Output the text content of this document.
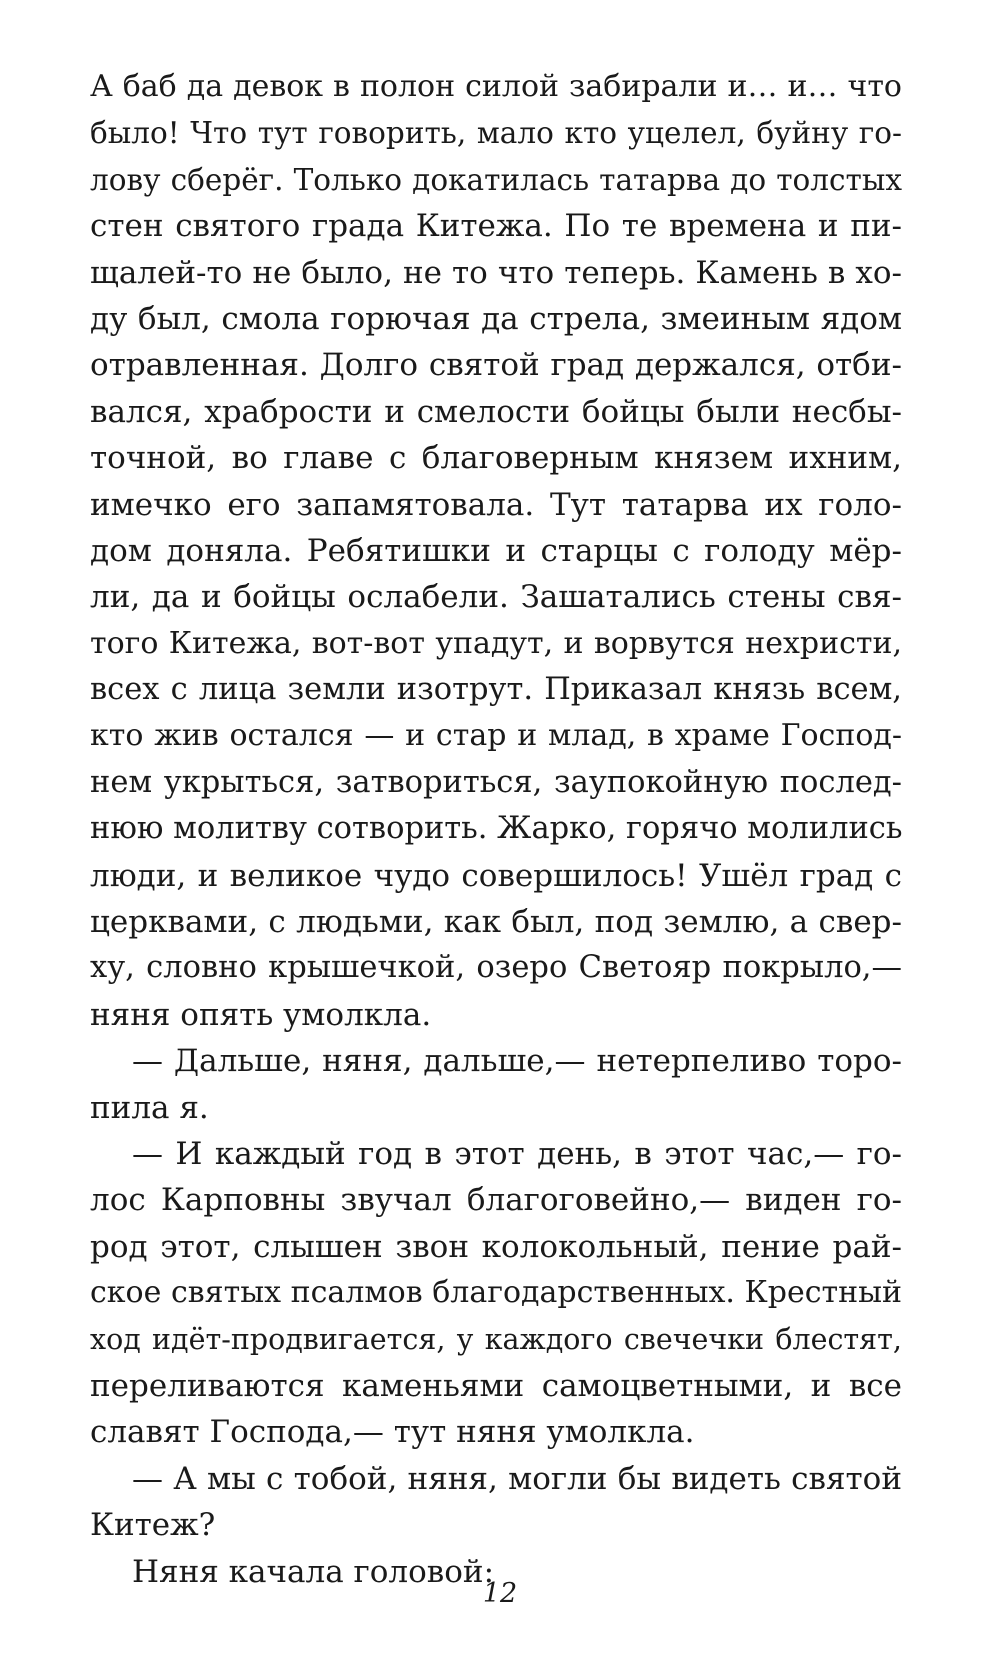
А баб да девок в полон силой забирали и… и… что
было! Что тут говорить, мало кто уцелел, буйну го-
лову сберёг. Только докатилась татарва до толстых
стен святого града Китежа. По те времена и пи-
щалей-то не было, не то что теперь. Камень в хо-
ду был, смола горючая да стрела, змеиным ядом
отравленная. Долго святой град держался, отби-
вался, храбрости и смелости бойцы были несбы-
точной, во главе с благоверным князем ихним,
имечко его запамятовала. Тут татарва их голо-
дом доняла. Ребятишки и старцы с голоду мёр-
ли, да и бойцы ослабели. Зашатались стены свя-
того Китежа, вот-вот упадут, и ворвутся нехристи,
всех с лица земли изотрут. Приказал князь всем,
кто жив остался — и стар и млад, в храме Господ-
нем укрыться, затвориться, заупокойную послед-
нюю молитву сотворить. Жарко, горячо молились
люди, и великое чудо совершилось! Ушёл град с
церквами, с людьми, как был, под землю, а свер-
ху, словно крышечкой, озеро Светояр покрыло,—
няня опять умолкла.
— Дальше, няня, дальше,— нетерпеливо торо-
пила я.
— И каждый год в этот день, в этот час,— го-
лос Карповны звучал благоговейно,— виден го-
род этот, слышен звон колокольный, пение рай-
ское святых псалмов благодарственных. Крестный
ход идёт-продвигается, у каждого свечечки блестят,
переливаются каменьями самоцветными, и все
славят Господа,— тут няня умолкла.
— А мы с тобой, няня, могли бы видеть святой
Китеж?
Няня качала головой:
12
